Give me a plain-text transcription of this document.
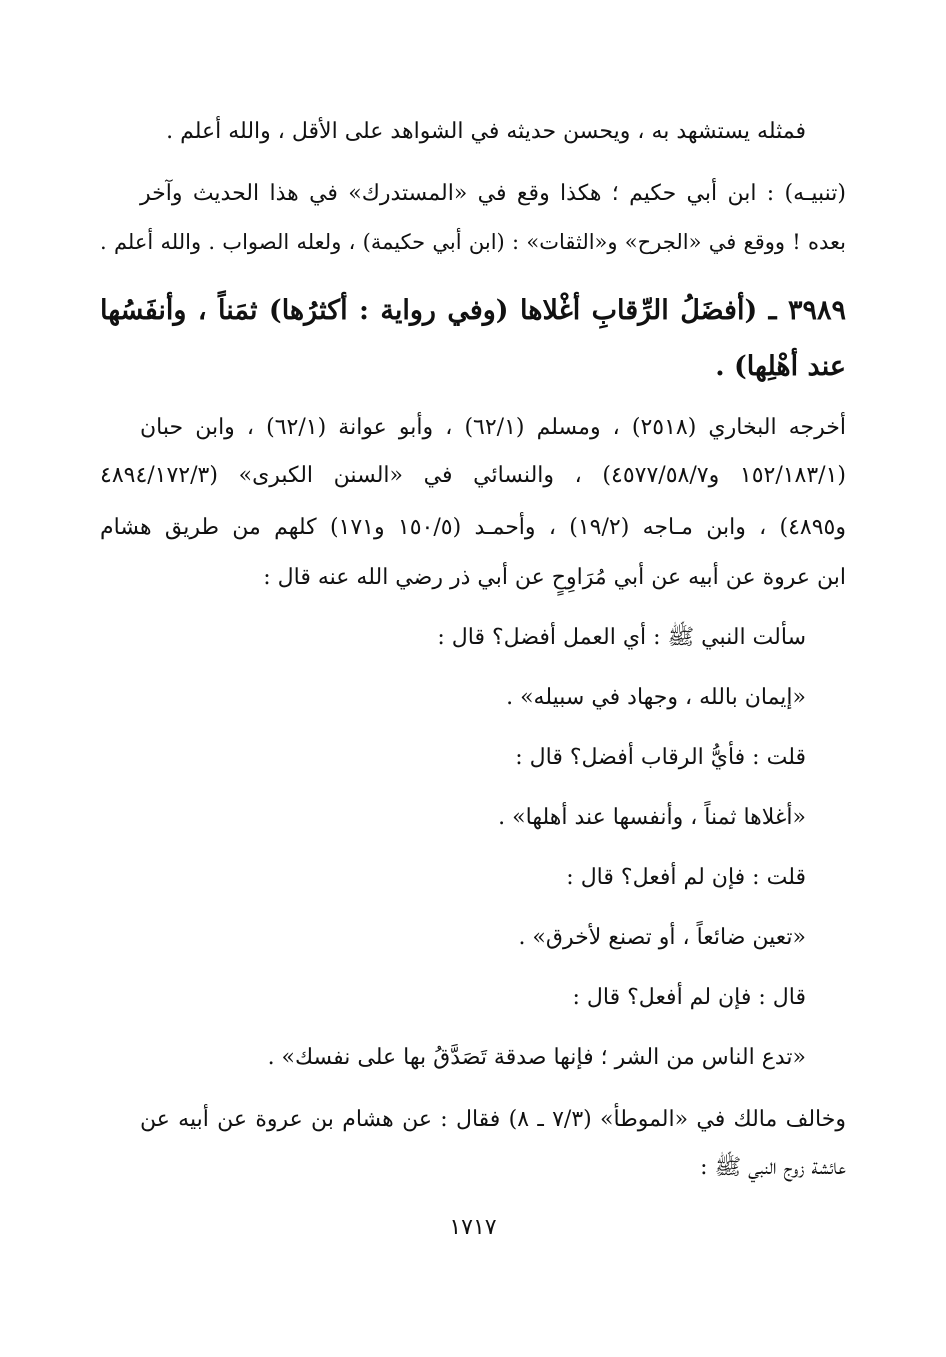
فمثله يستشهد به ، ويحسن حديثه في الشواهد على الأقل ، والله أعلم .
(تنبيـه) : ابن أبي حكيم ؛ هكذا وقع في «المستدرك» في هذا الحديث وآخر
بعده ! ووقع في «الجرح» و«الثقات» : (ابن أبي حكيمة) ، ولعله الصواب . والله أعلم .
٣٩٨٩ ـ (أفضَلُ الرِّقابِ أغْلاها (وفي رواية : أكثرُها) ثمَناً ، وأنفَسُها
عند أهْلِها) .
أخرجه البخاري (٢٥١٨) ، ومسلم (٦٢/١) ، وأبو عوانة (٦٢/١) ، وابن حبان
(١٥٢/١٨٣/١ و٤٥٧٧/٥٨/٧) ، والنسائي في «السنن الكبرى» (٤٨٩٤/١٧٢/٣
و٤٨٩٥) ، وابن مـاجه (١٩/٢) ، وأحمـد (١٥٠/٥ و١٧١) كلهم من طريق هشام
ابن عروة عن أبيه عن أبي مُرَاوِحٍ عن أبي ذر رضي الله عنه قال :
سألت النبي ﷺ : أي العمل أفضل؟ قال :
«إيمان بالله ، وجهاد في سبيله» .
قلت : فأيُّ الرقاب أفضل؟ قال :
«أغلاها ثمناً ، وأنفسها عند أهلها» .
قلت : فإن لم أفعل؟ قال :
«تعين ضائعاً ، أو تصنع لأخرق» .
قال : فإن لم أفعل؟ قال :
«تدع الناس من الشر ؛ فإنها صدقة تَصَدَّقُ بها على نفسك» .
وخالف مالك في «الموطأ» (٧/٣ ـ ٨) فقال : عن هشام بن عروة عن أبيه عن
عائشة زوج النبي ﷺ :
١٧١٧
